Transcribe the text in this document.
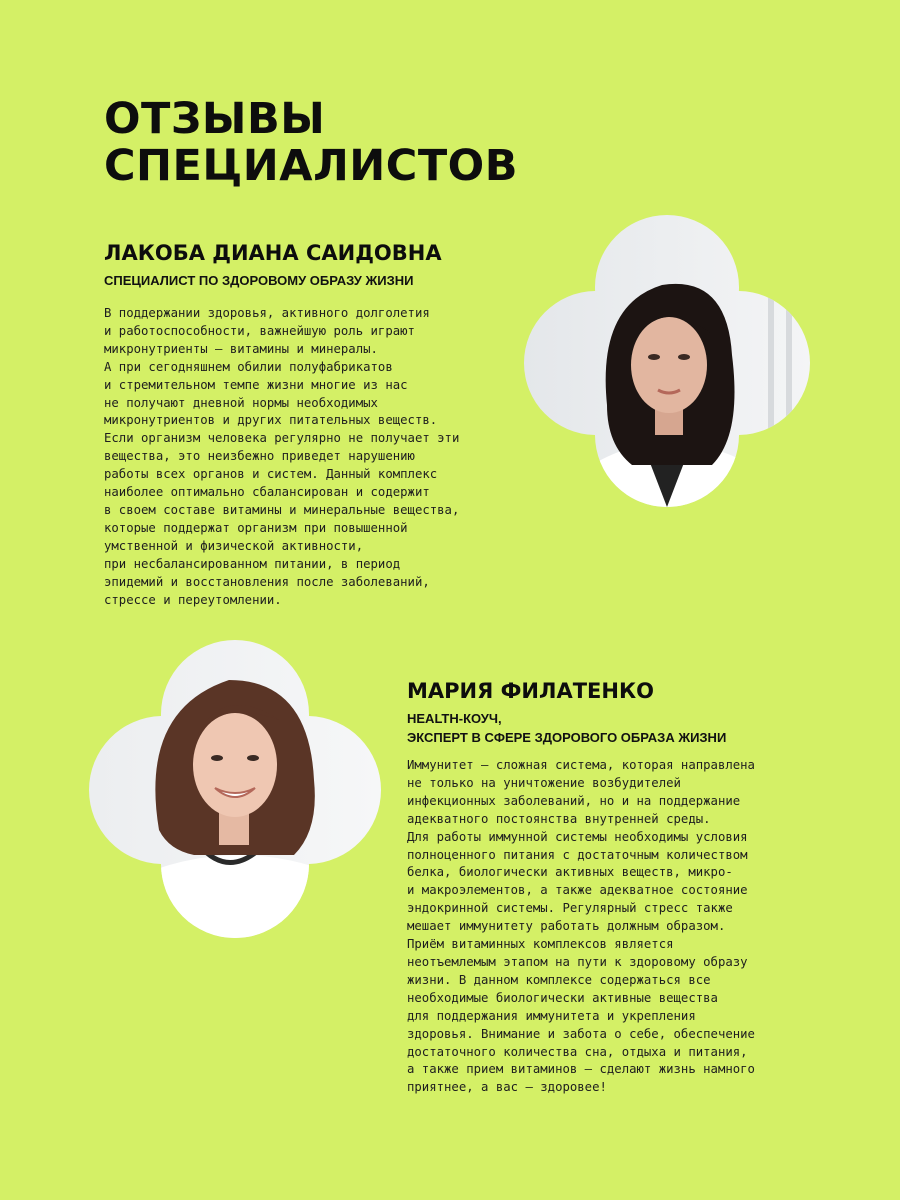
ОТЗЫВЫ
СПЕЦИАЛИСТОВ
ЛАКОБА ДИАНА САИДОВНА
СПЕЦИАЛИСТ ПО ЗДОРОВОМУ ОБРАЗУ ЖИЗНИ

В поддержании здоровья, активного долголетия
и работоспособности, важнейшую роль играют
микронутриенты – витамины и минералы.
А при сегодняшнем обилии полуфабрикатов
и стремительном темпе жизни многие из нас
не получают дневной нормы необходимых
микронутриентов и других питательных веществ.
Если организм человека регулярно не получает эти
вещества, это неизбежно приведет нарушению
работы всех органов и систем. Данный комплекс
наиболее оптимально сбалансирован и содержит
в своем составе витамины и минеральные вещества,
которые поддержат организм при повышенной
умственной и физической активности,
при несбалансированном питании, в период
эпидемий и восстановления после заболеваний,
стрессе и переутомлении.

МАРИЯ ФИЛАТЕНКО
HEALTH-КОУЧ,
ЭКСПЕРТ В СФЕРЕ ЗДОРОВОГО ОБРАЗА ЖИЗНИ

Иммунитет – сложная система, которая направлена
не только на уничтожение возбудителей
инфекционных заболеваний, но и на поддержание
адекватного постоянства внутренней среды.
Для работы иммунной системы необходимы условия
полноценного питания с достаточным количеством
белка, биологически активных веществ, микро-
и макроэлементов, а также адекватное состояние
эндокринной системы. Регулярный стресс также
мешает иммунитету работать должным образом.
Приём витаминных комплексов является
неотъемлемым этапом на пути к здоровому образу
жизни. В данном комплексе содержаться все
необходимые биологически активные вещества
для поддержания иммунитета и укрепления
здоровья. Внимание и забота о себе, обеспечение
достаточного количества сна, отдыха и питания,
а также прием витаминов – сделают жизнь намного
приятнее, а вас – здоровее!
